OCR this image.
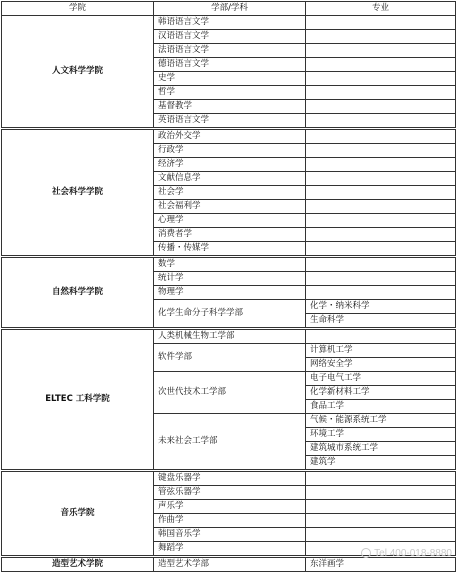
学院	学部/学科	专业
人文科学学院	韩语语言文学	
	汉语语言文学	
	法语语言文学	
	德语语言文学	
	史学	
	哲学	
	基督教学	
	英语语言文学	
社会科学学院	政治外交学	
	行政学	
	经济学	
	文献信息学	
	社会学	
	社会福利学	
	心理学	
	消费者学	
	传播・传媒学	
自然科学学院	数学	
	统计学	
	物理学	
	化学生命分子科学学部	化学・纳米科学
		生命科学
ELTEC 工科学院	人类机械生物工学部	
	软件学部	计算机工学
		网络安全学
	次世代技术工学部	电子电气工学
		化学新材料工学
		食品工学
	未来社会工学部	气候・能源系统工学
		环境工学
		建筑城市系统工学
		建筑学
音乐学院	键盘乐器学	
	管弦乐器学	
	声乐学	
	作曲学	
	韩国音乐学	
	舞蹈学	
造型艺术学院	造型艺术学部	东洋画学
Tel 400-018-8880
